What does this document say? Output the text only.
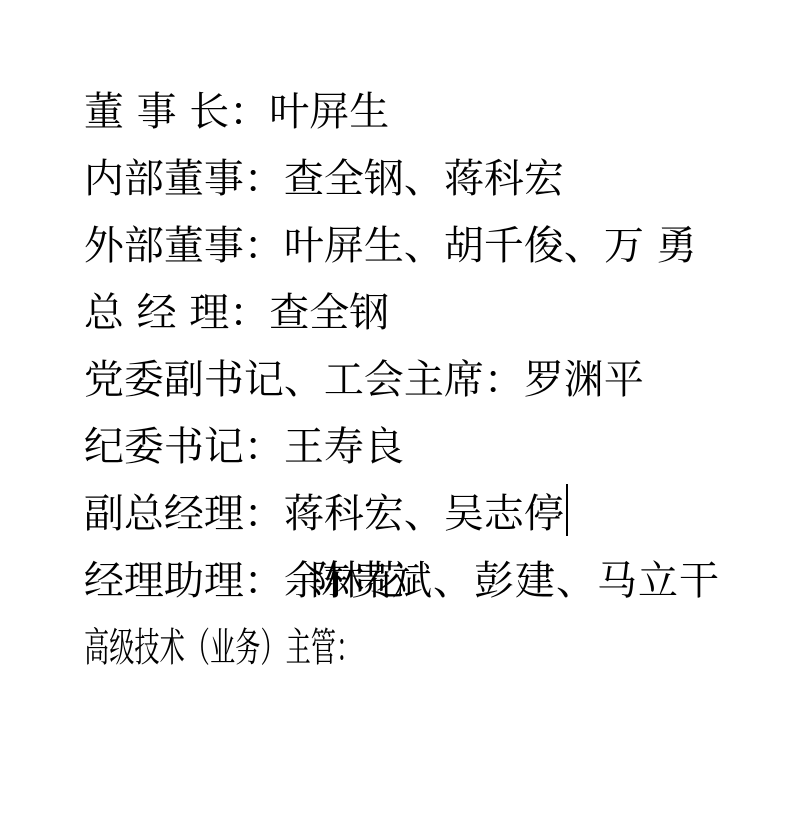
董 事 长：叶屏生

内部董事：查全钢、蒋科宏

外部董事：叶屏生、胡千俊、万 勇

总 经 理：查全钢

党委副书记、工会主席：罗渊平

纪委书记：王寿良

副总经理：蒋科宏、吴志停

经理助理：余林花

高级技术（业务）主管：

陈贵斌、彭建、马立干
